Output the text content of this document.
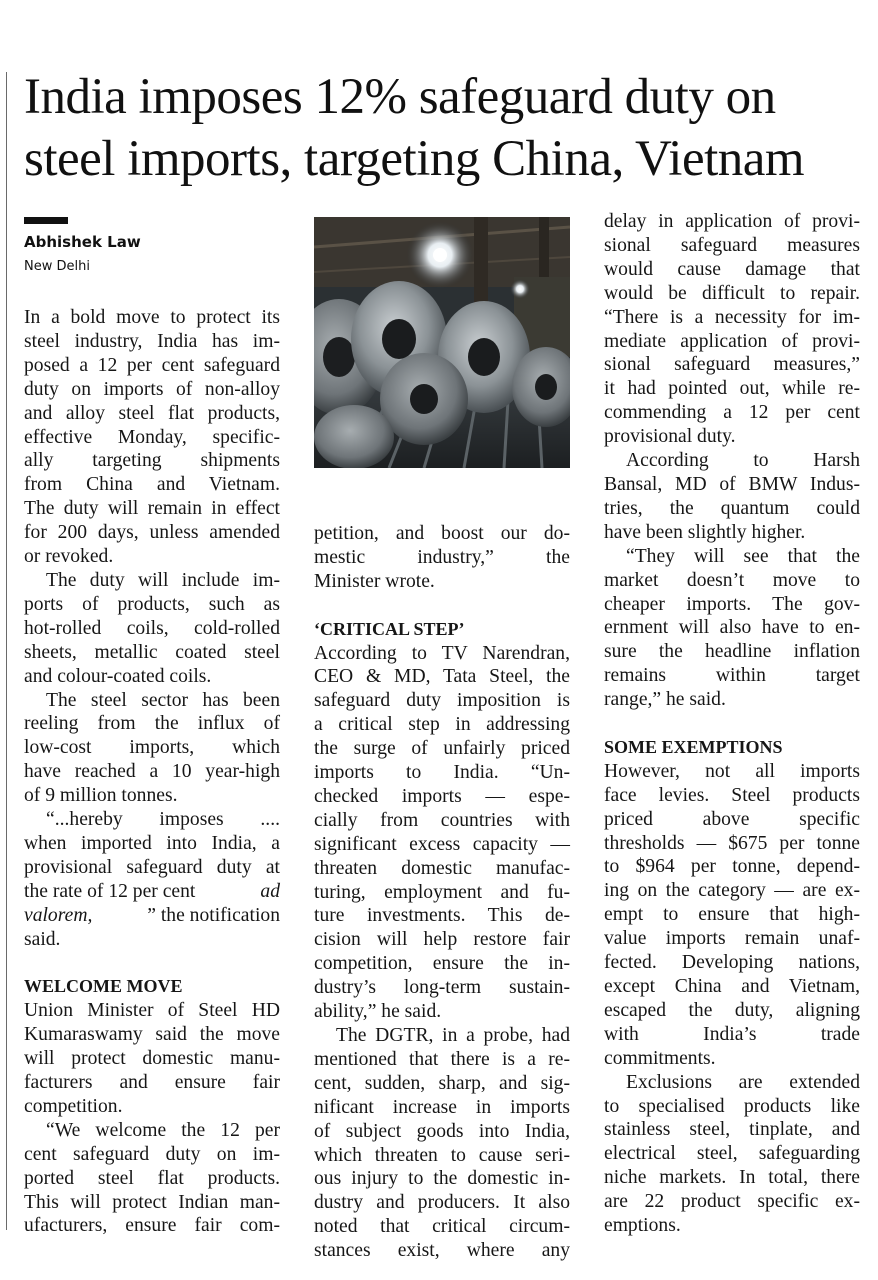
India imposes 12% safeguard duty on
steel imports, targeting China, Vietnam
Abhishek Law
New Delhi

In a bold move to protect its
steel industry, India has im-
posed a 12 per cent safeguard
duty on imports of non-alloy
and alloy steel flat products,
effective Monday, specific-
ally targeting shipments
from China and Vietnam.
The duty will remain in effect
for 200 days, unless amended
or revoked.

The duty will include im-
ports of products, such as
hot-rolled coils, cold-rolled
sheets, metallic coated steel
and colour-coated coils.

The steel sector has been
reeling from the influx of
low-cost imports, which
have reached a 10 year-high
of 9 million tonnes.

“...hereby imposes ....
when imported into India, a
provisional safeguard duty at
the rate of 12 per cent	ad
valorem,	” the notification
said.

WELCOME MOVE

Union Minister of Steel HD
Kumaraswamy said the move
will protect domestic manu-
facturers and ensure fair
competition.

“We welcome the 12 per
cent safeguard duty on im-
ported steel flat products.
This will protect Indian man-
ufacturers, ensure fair com-

petition, and boost our do-
mestic industry,” the
Minister wrote.

‘CRITICAL STEP’

According to TV Narendran,
CEO & MD, Tata Steel, the
safeguard duty imposition is
a critical step in addressing
the surge of unfairly priced
imports to India. “Un-
checked imports — espe-
cially from countries with
significant excess capacity —
threaten domestic manufac-
turing, employment and fu-
ture investments. This de-
cision will help restore fair
competition, ensure the in-
dustry’s long-term sustain-
ability,” he said.

The DGTR, in a probe, had
mentioned that there is a re-
cent, sudden, sharp, and sig-
nificant increase in imports
of subject goods into India,
which threaten to cause seri-
ous injury to the domestic in-
dustry and producers. It also
noted that critical circum-
stances exist, where any

delay in application of provi-
sional safeguard measures
would cause damage that
would be difficult to repair.
“There is a necessity for im-
mediate application of provi-
sional safeguard measures,”
it had pointed out, while re-
commending a 12 per cent
provisional duty.

According to Harsh
Bansal, MD of BMW Indus-
tries, the quantum could
have been slightly higher.

“They will see that the
market doesn’t move to
cheaper imports. The gov-
ernment will also have to en-
sure the headline inflation
remains within target
range,” he said.

SOME EXEMPTIONS

However, not all imports
face levies. Steel products
priced above specific
thresholds — $675 per tonne
to $964 per tonne, depend-
ing on the category — are ex-
empt to ensure that high-
value imports remain unaf-
fected. Developing nations,
except China and Vietnam,
escaped the duty, aligning
with India’s trade
commitments.

Exclusions are extended
to specialised products like
stainless steel, tinplate, and
electrical steel, safeguarding
niche markets. In total, there
are 22 product specific ex-
emptions.
